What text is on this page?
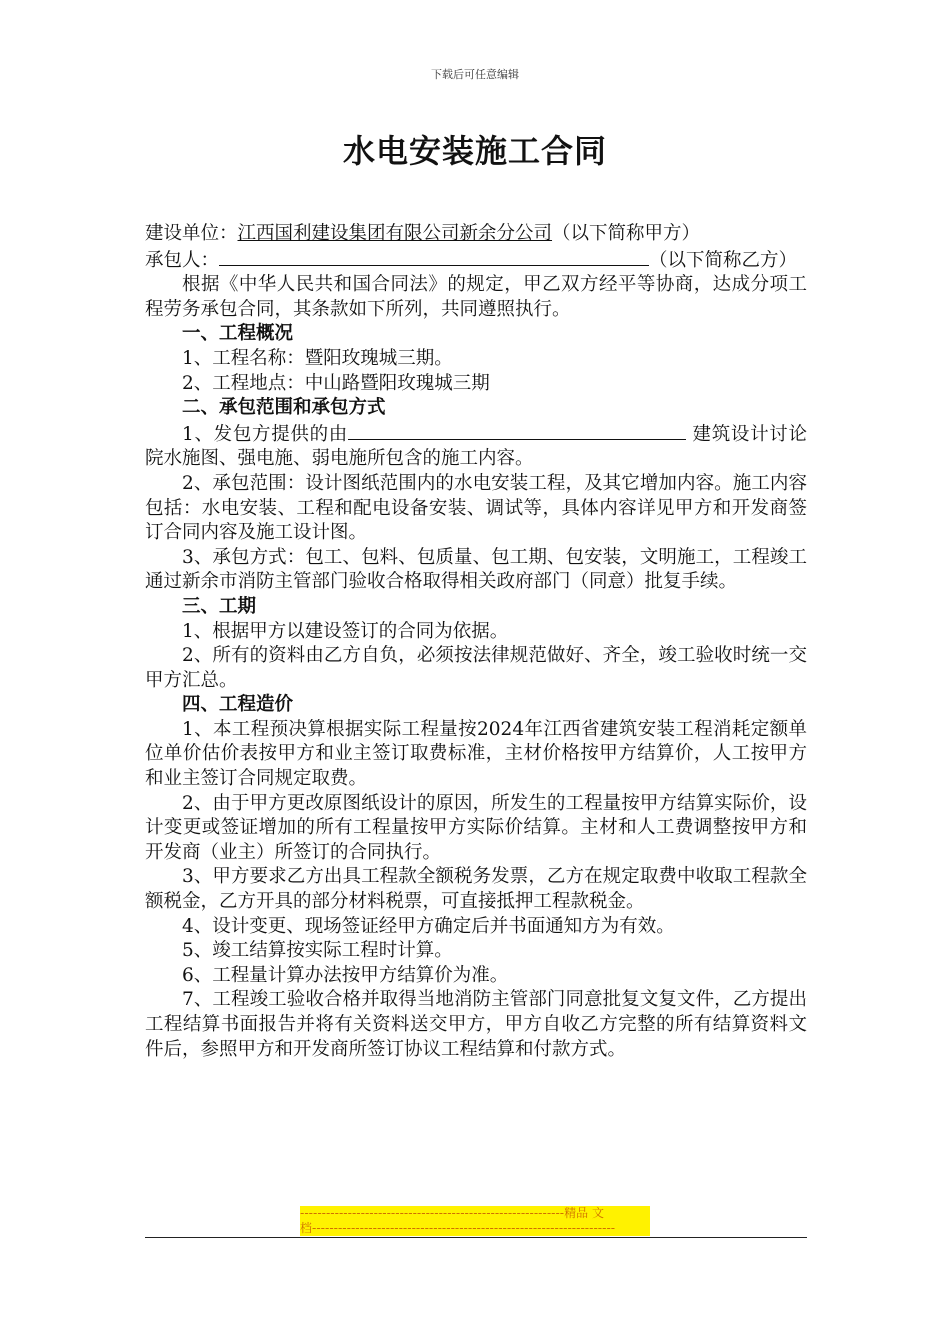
下载后可任意编辑
水电安装施工合同

建设单位：江西国利建设集团有限公司新余分公司（以下简称甲方）

承包人：	（以下简称乙方）

根据《中华人民共和国合同法》的规定，甲乙双方经平等协商，达成分项工程劳务承包合同，其条款如下所列，共同遵照执行。

一、工程概况

1、工程名称：暨阳玫瑰城三期。

2、工程地点：中山路暨阳玫瑰城三期

二、承包范围和承包方式

1、发包方提供的由	建筑设计讨论院水施图、强电施、弱电施所包含的施工内容。

2、承包范围：设计图纸范围内的水电安装工程，及其它增加内容。施工内容包括：水电安装、工程和配电设备安装、调试等，具体内容详见甲方和开发商签订合同内容及施工设计图。

3、承包方式：包工、包料、包质量、包工期、包安装，文明施工，工程竣工通过新余市消防主管部门验收合格取得相关政府部门（同意）批复手续。

三、工期

1、根据甲方以建设签订的合同为依据。

2、所有的资料由乙方自负，必须按法律规范做好、齐全，竣工验收时统一交甲方汇总。

四、工程造价

1、本工程预决算根据实际工程量按2024年江西省建筑安装工程消耗定额单位单价估价表按甲方和业主签订取费标准，主材价格按甲方结算价，人工按甲方和业主签订合同规定取费。

2、由于甲方更改原图纸设计的原因，所发生的工程量按甲方结算实际价，设计变更或签证增加的所有工程量按甲方实际价结算。主材和人工费调整按甲方和开发商（业主）所签订的合同执行。

3、甲方要求乙方出具工程款全额税务发票，乙方在规定取费中收取工程款全额税金，乙方开具的部分材料税票，可直接抵押工程款税金。

4、设计变更、现场签证经甲方确定后并书面通知方为有效。

5、竣工结算按实际工程时计算。

6、工程量计算办法按甲方结算价为准。

7、工程竣工验收合格并取得当地消防主管部门同意批复文复文件，乙方提出工程结算书面报告并将有关资料送交甲方，甲方自收乙方完整的所有结算资料文件后，参照甲方和开发商所签订协议工程结算和付款方式。

-------------------------------------------------------------精品 文
档----------------------------------------------------------------------
